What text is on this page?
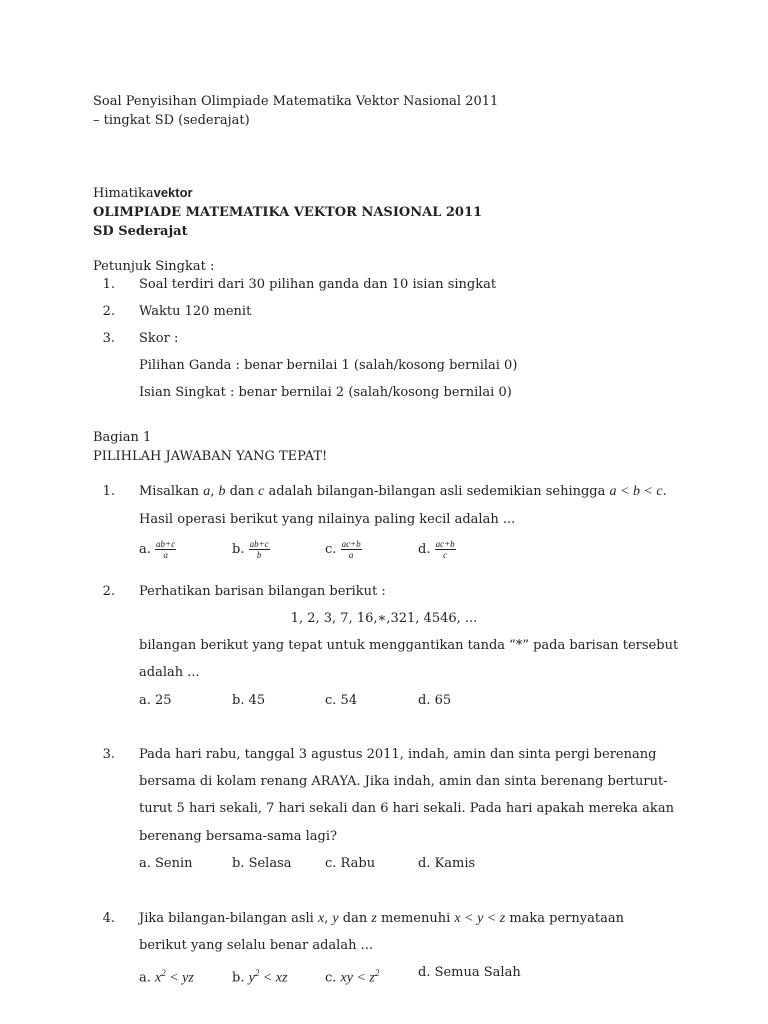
Soal Penyisihan Olimpiade Matematika Vektor Nasional 2011
– tingkat SD (sederajat)
Himatikavektor
OLIMPIADE MATEMATIKA VEKTOR NASIONAL 2011
SD Sederajat
Petunjuk Singkat :
1. Soal terdiri dari 30 pilihan ganda dan 10 isian singkat
2. Waktu 120 menit
3. Skor :
Pilihan Ganda : benar bernilai 1 (salah/kosong bernilai 0)
Isian Singkat : benar bernilai 2 (salah/kosong bernilai 0)
Bagian 1
PILIHLAH JAWABAN YANG TEPAT!
1. Misalkan a, b dan c adalah bilangan-bilangan asli sedemikian sehingga a < b < c.
Hasil operasi berikut yang nilainya paling kecil adalah ...
a. $\frac{ab+c}{a}$	b. $\frac{ab+c}{b}$	c. $\frac{ac+b}{a}$	d. $\frac{ac+b}{c}$
2. Perhatikan barisan bilangan berikut :
1, 2, 3, 7, 16,∗,321, 4546, ...
bilangan berikut yang tepat untuk menggantikan tanda “*” pada barisan tersebut
adalah ...
a. 25	b. 45	c. 54	d. 65
3. Pada hari rabu, tanggal 3 agustus 2011, indah, amin dan sinta pergi berenang
bersama di kolam renang ARAYA. Jika indah, amin dan sinta berenang berturut-
turut 5 hari sekali, 7 hari sekali dan 6 hari sekali. Pada hari apakah mereka akan
berenang bersama-sama lagi?
a. Senin	b. Selasa	c. Rabu	d. Kamis
4. Jika bilangan-bilangan asli x, y dan z memenuhi x < y < z maka pernyataan
berikut yang selalu benar adalah ...
a. $x^2$ < yz	b. $y^2$ < xz	c. xy < $z^2$	d. Semua Salah
